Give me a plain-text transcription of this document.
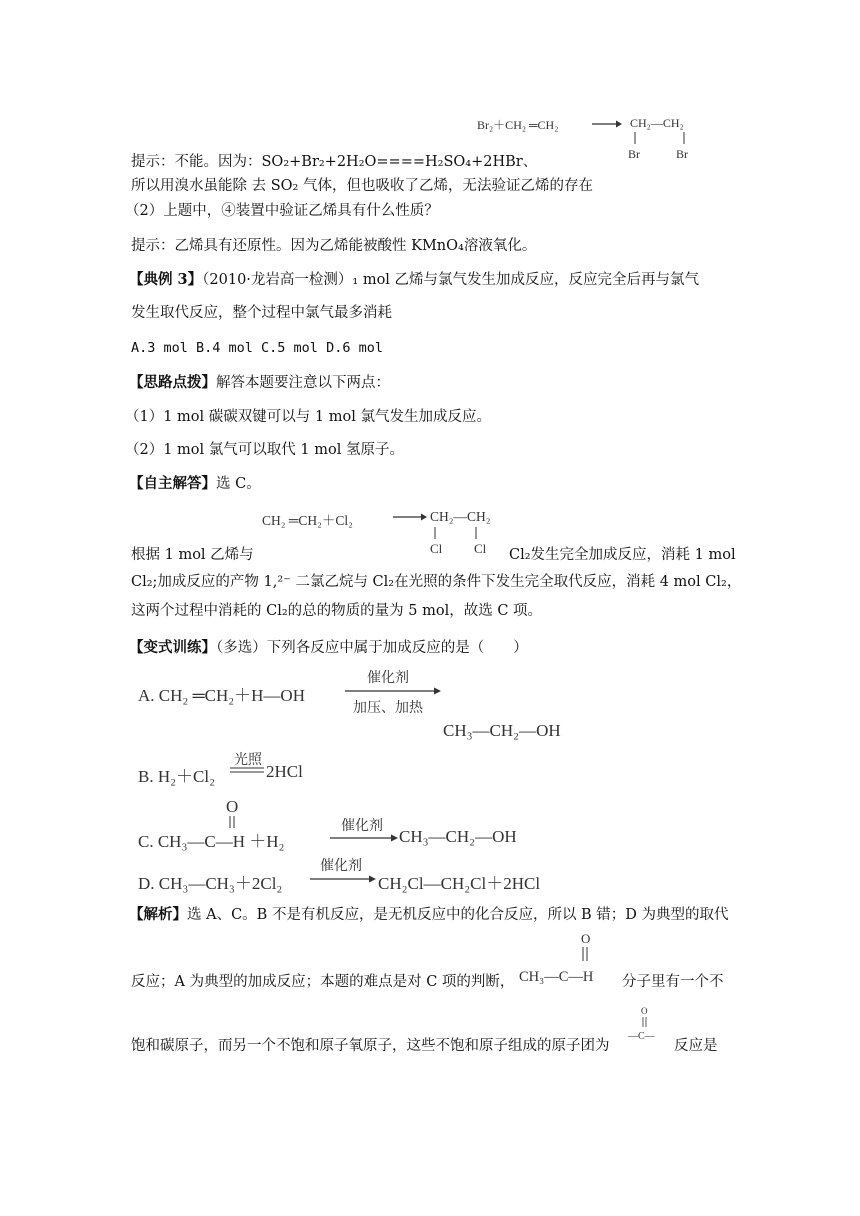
Br₂＋CH₂ ═CH₂ → CH₂—CH₂
Br	Br
提示：不能。因为：SO₂+Br₂+2H₂O====H₂SO₄+2HBr、
所以用溴水虽能除 去 SO₂ 气体，但也吸收了乙烯，无法验证乙烯的存在
（2）上题中，④装置中验证乙烯具有什么性质？
提示：乙烯具有还原性。因为乙烯能被酸性 KMnO₄溶液氧化。
【典例 3】（2010·龙岩高一检测）₁ mol 乙烯与氯气发生加成反应，反应完全后再与氯气
发生取代反应，整个过程中氯气最多消耗
A.3 mol B.4 mol C.5 mol D.6 mol
【思路点拨】解答本题要注意以下两点：
（1）1 mol 碳碳双键可以与 1 mol 氯气发生加成反应。
（2）1 mol 氯气可以取代 1 mol 氢原子。
【自主解答】选 C。
CH₂ ═CH₂＋Cl₂	→ CH₂—CH₂
Cl Cl
根据 1 mol 乙烯与	Cl₂发生完全加成反应，消耗 1 mol
Cl₂;加成反应的产物 1,²⁻ 二氯乙烷与 Cl₂在光照的条件下发生完全取代反应，消耗 4 mol Cl₂，
这两个过程中消耗的 Cl₂的总的物质的量为 5 mol，故选 C 项。
【变式训练】（多选）下列各反应中属于加成反应的是（　　）
A. CH₂ ═CH₂＋H—OH
催化剂
加压、加热
CH₃—CH₂—OH
B. H₂＋Cl₂
光照
2HCl
O
C. CH₃—C—H ＋H₂
催化剂
CH₃—CH₂—OH
D. CH₃—CH₃＋2Cl₂
催化剂
CH₂Cl—CH₂Cl＋2HCl
【解析】选 A、C。B 不是有机反应，是无机反应中的化合反应，所以 B 错；D 为典型的取代
O
反应；A 为典型的加成反应；本题的难点是对 C 项的判断， CH₃—C—H 分子里有一个不
O
饱和碳原子，而另一个不饱和原子氧原子，这些不饱和原子组成的原子团为
—C—
反应是
